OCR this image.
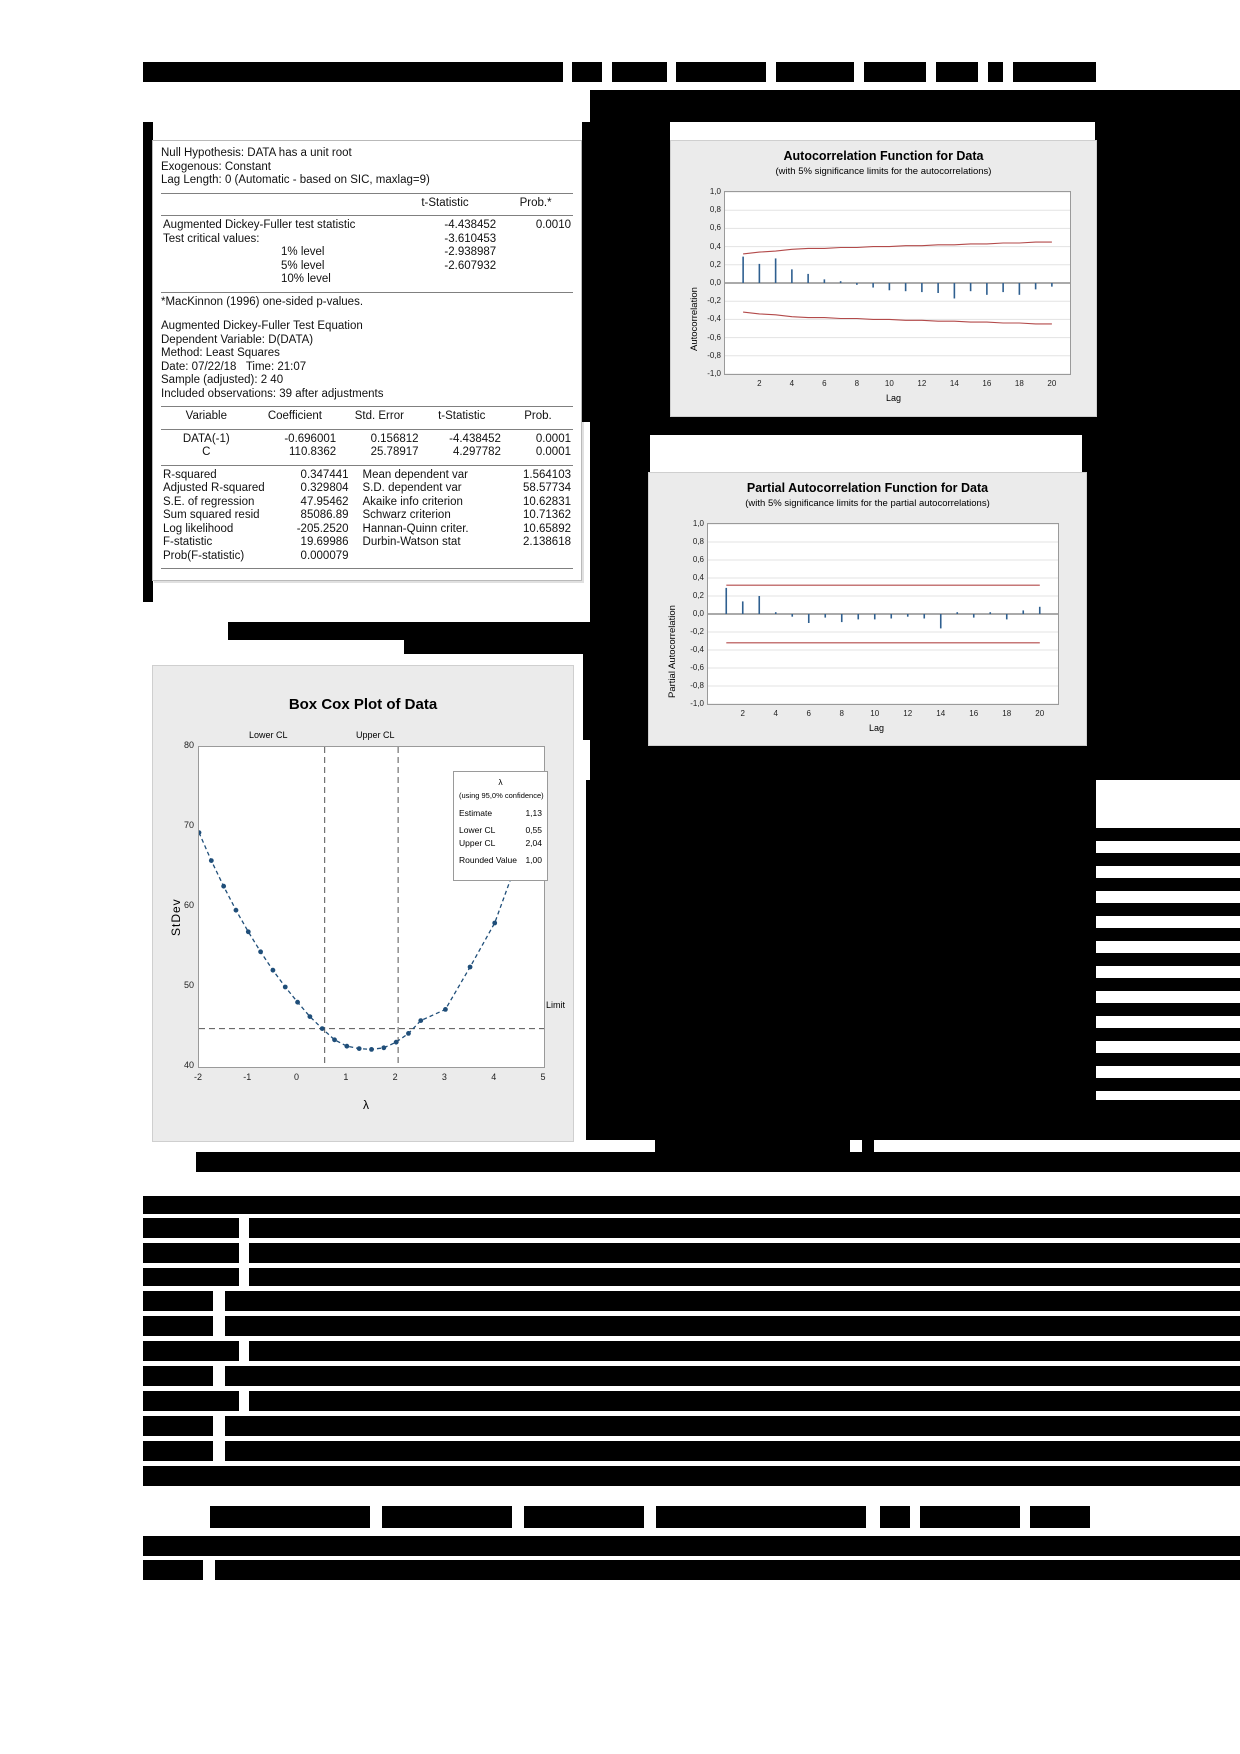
Null Hypothesis: DATA has a unit root
Exogenous: Constant
Lag Length: 0 (Automatic - based on SIC, maxlag=9)
	t-Statistic	Prob.*
Augmented Dickey-Fuller test statistic	-4.438452	0.0010
Test critical values:	-3.610453	
1% level	-2.938987	
5% level	-2.607932	
10% level		
*MacKinnon (1996) one-sided p-values.
Augmented Dickey-Fuller Test Equation
Dependent Variable: D(DATA)
Method: Least Squares
Date: 07/22/18   Time: 21:07
Sample (adjusted): 2 40
Included observations: 39 after adjustments
Variable	Coefficient	Std. Error	t-Statistic	Prob.
DATA(-1)	-0.696001	0.156812	-4.438452	0.0001
C	110.8362	25.78917	4.297782	0.0001
R-squared	0.347441	Mean dependent var	1.564103
Adjusted R-squared	0.329804	S.D. dependent var	58.57734
S.E. of regression	47.95462	Akaike info criterion	10.62831
Sum squared resid	85086.89	Schwarz criterion	10.71362
Log likelihood	-205.2520	Hannan-Quinn criter.	10.65892
F-statistic	19.69986	Durbin-Watson stat	2.138618
Prob(F-statistic)	0.000079		
Autocorrelation Function for Data
(with 5% significance limits for the autocorrelations)
Autocorrelation
Lag
1,0
0,8
0,6
0,4
0,2
0,0
-0,2
-0,4
-0,6
-0,8
-1,0
2	4	6	8	10	12	14	16	18	20
Partial Autocorrelation Function for Data
(with 5% significance limits for the partial autocorrelations)
Partial Autocorrelation
Lag
1,0
0,8
0,6
0,4
0,2
0,0
-0,2
-0,4
-0,6
-0,8
-1,0
2	4	6	8	10	12	14	16	18	20
Box Cox Plot of Data
StDev
λ
Lower CL	Upper CL
Limit
λ
(using 95,0% confidence)
Estimate	1,13
Lower CL	0,55
Upper CL	2,04
Rounded Value 1,00
40
50
60
70
80
-2	-1	0	1	2	3	4	5
